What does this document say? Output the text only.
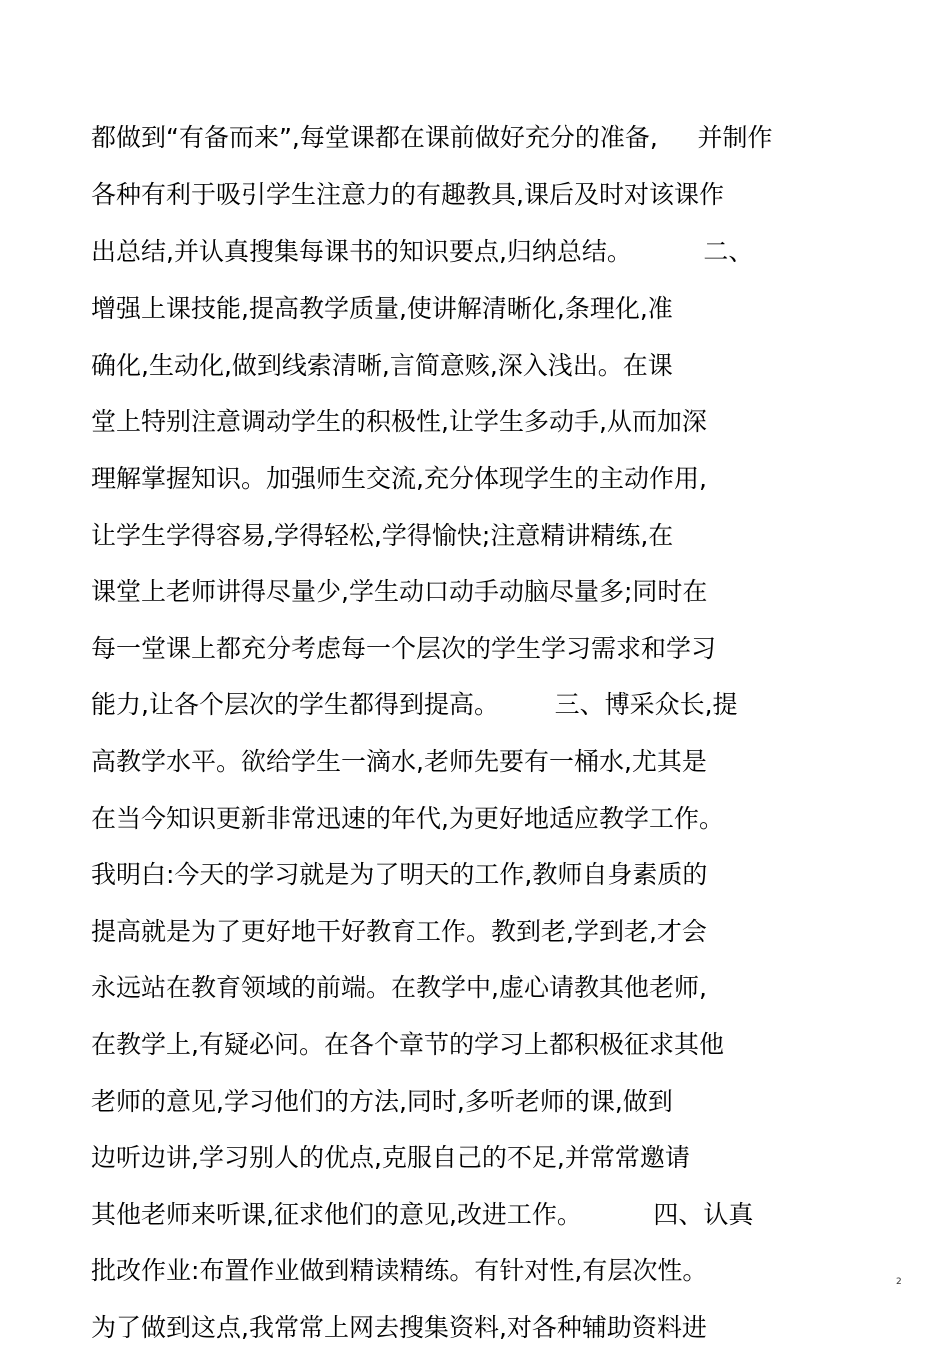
都做到“有备而来”,每堂课都在课前做好充分的准备,     并制作

各种有利于吸引学生注意力的有趣教具,课后及时对该课作

出总结,并认真搜集每课书的知识要点,归纳总结。         二、

增强上课技能,提高教学质量,使讲解清晰化,条理化,准

确化,生动化,做到线索清晰,言简意赅,深入浅出。在课

堂上特别注意调动学生的积极性,让学生多动手,从而加深

理解掌握知识。加强师生交流,充分体现学生的主动作用,

让学生学得容易,学得轻松,学得愉快;注意精讲精练,在

课堂上老师讲得尽量少,学生动口动手动脑尽量多;同时在

每一堂课上都充分考虑每一个层次的学生学习需求和学习

能力,让各个层次的学生都得到提高。       三、博采众长,提

高教学水平。欲给学生一滴水,老师先要有一桶水,尤其是

在当今知识更新非常迅速的年代,为更好地适应教学工作。

我明白:今天的学习就是为了明天的工作,教师自身素质的

提高就是为了更好地干好教育工作。教到老,学到老,才会

永远站在教育领域的前端。在教学中,虚心请教其他老师,

在教学上,有疑必问。在各个章节的学习上都积极征求其他

老师的意见,学习他们的方法,同时,多听老师的课,做到

边听边讲,学习别人的优点,克服自己的不足,并常常邀请

其他老师来听课,征求他们的意见,改进工作。         四、认真

批改作业:布置作业做到精读精练。有针对性,有层次性。

为了做到这点,我常常上网去搜集资料,对各种辅助资料进

2
